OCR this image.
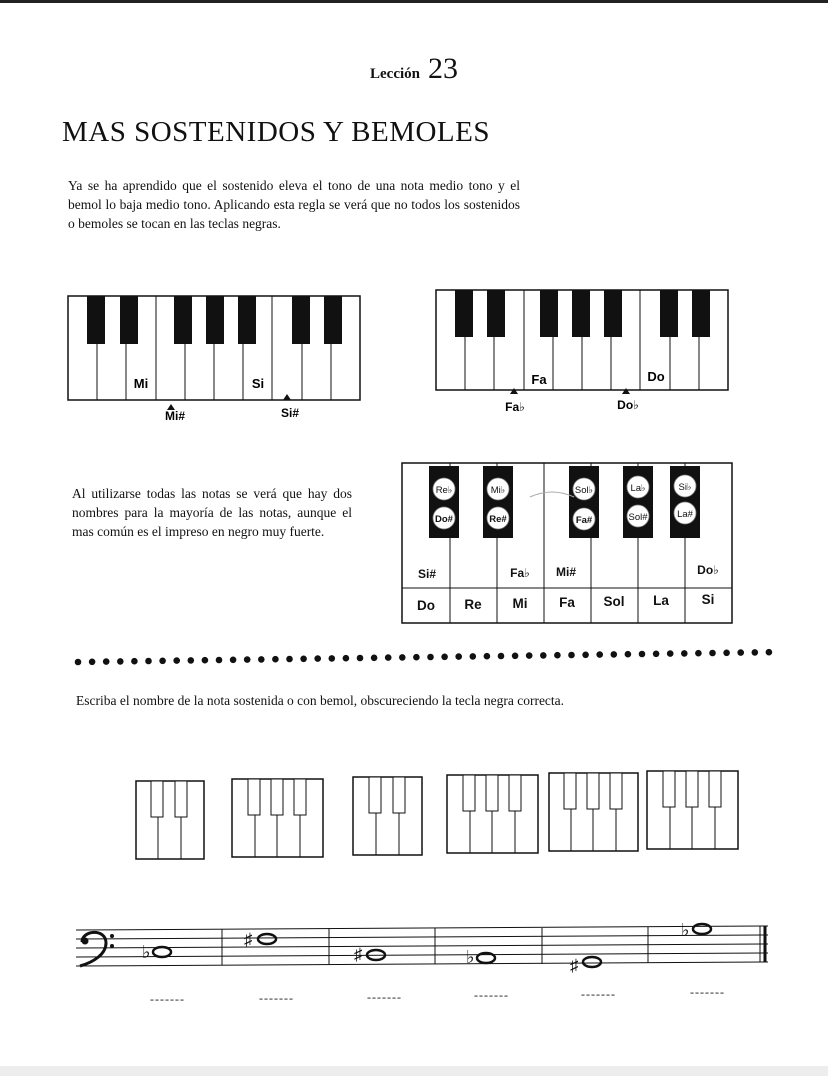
Lección 23
MAS SOSTENIDOS Y BEMOLES
Ya se ha aprendido que el sostenido eleva el tono de una nota medio tono y el bemol lo baja medio tono. Aplicando esta regla se verá que no todos los sostenidos o bemoles se tocan en las teclas negras.
Mi	Si
Mi#	Si#
Fa	Do
Fa♭	Do♭
Al utilizarse todas las notas se verá que hay dos nombres para la mayoría de las notas, aunque el mas común es el impreso en negro muy fuerte.
Re♭	Mi♭	Sol♭	La♭	Si♭
Do#	Re#	Fa#	Sol#	La#
Si#	Fa♭ Mi#	Do♭
Do Re Mi Fa Sol La Si
Escriba el nombre de la nota sostenida o con bemol, obscureciendo la tecla negra correcta.
♭
♯
♯	♭	♯
♭
-------	-------	-------	-------	-------	-------
